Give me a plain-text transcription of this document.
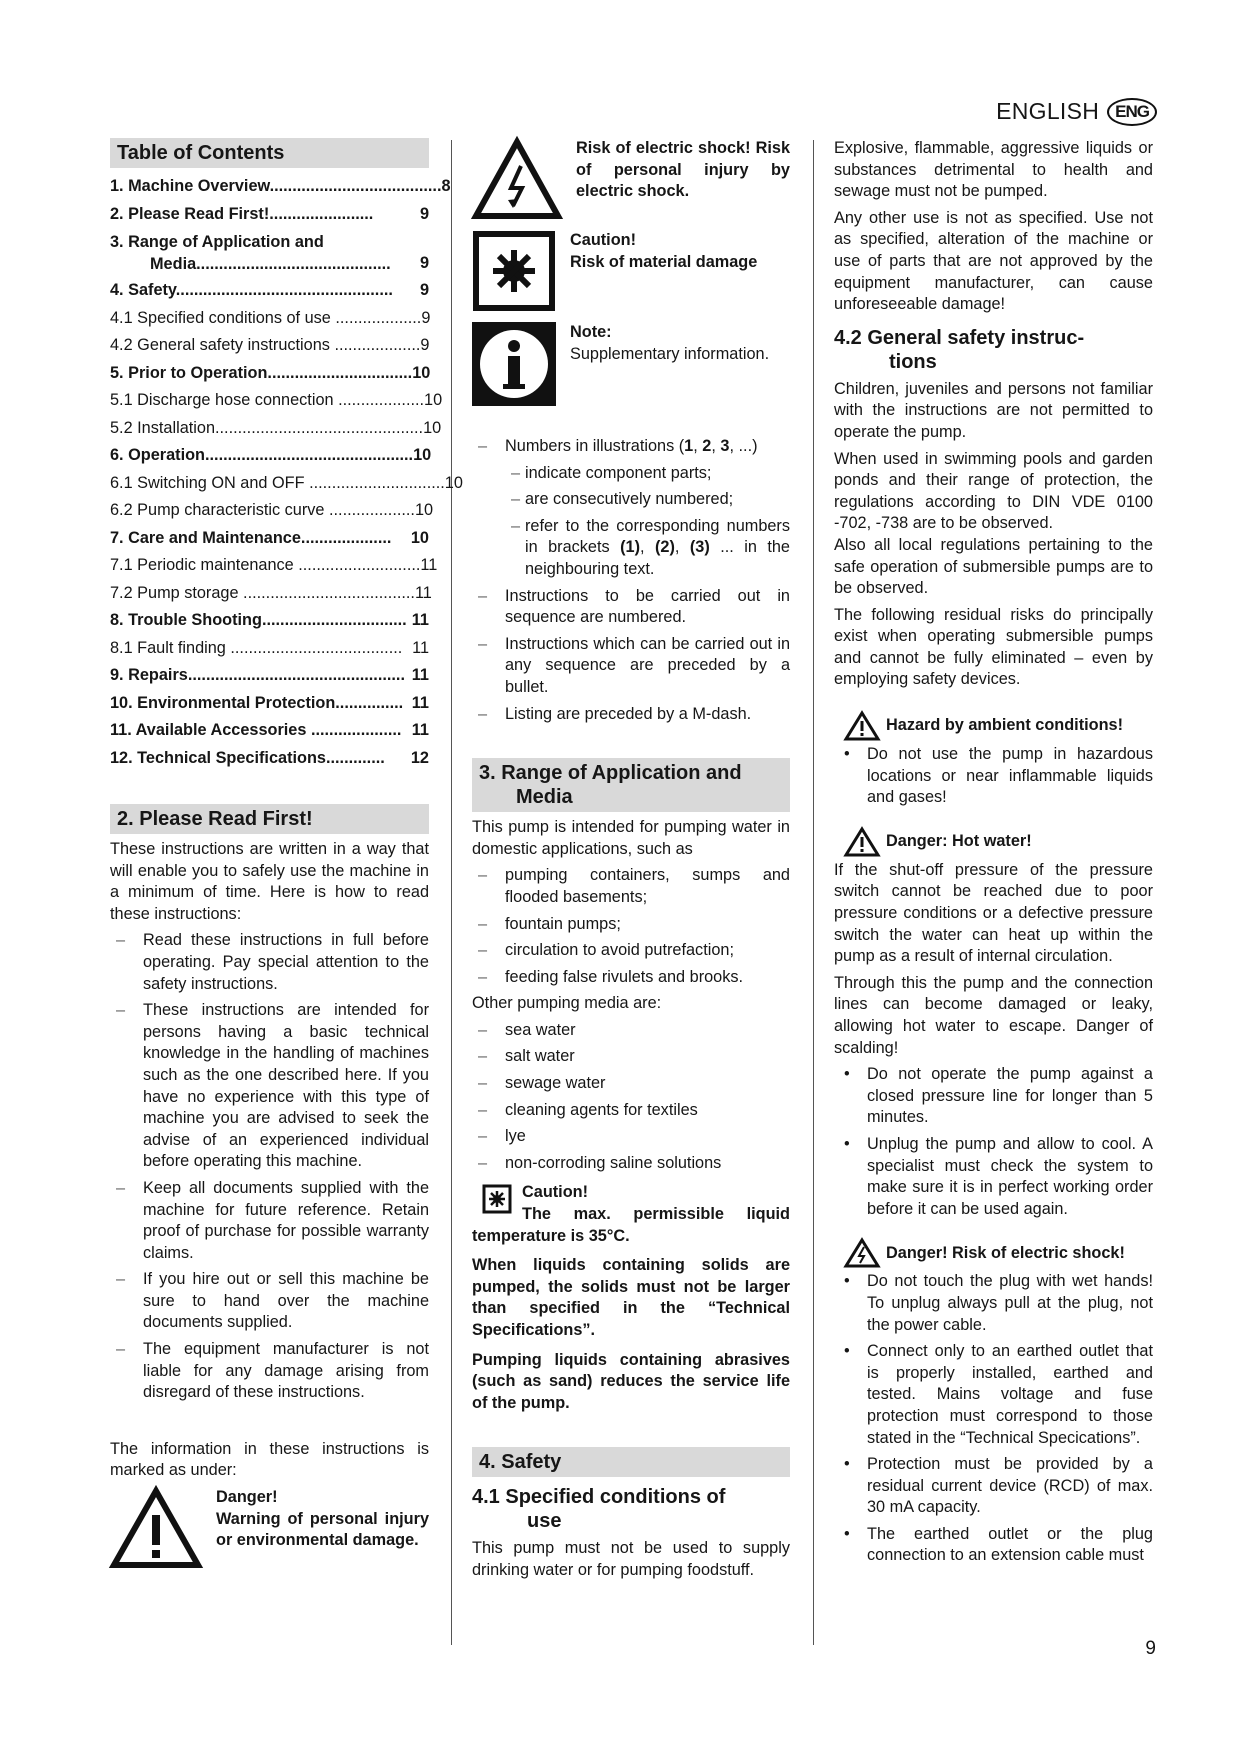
ENGLISH ENG
Table of Contents
1. Machine Overview...................................... 8
2. Please Read First!.......................	9
3. Range of Application and
Media...........................................	9
4. Safety................................................	9
4.1 Specified conditions of use ................... 9
4.2 General safety instructions ................... 9
5. Prior to Operation................................ 10
5.1 Discharge hose connection ................... 10
5.2 Installation.............................................. 10
6. Operation.............................................. 10
6.1 Switching ON and OFF .............................. 10
6.2 Pump characteristic curve ................... 10
7. Care and Maintenance....................	10
7.1 Periodic maintenance ........................... 11
7.2 Pump storage ...................................... 11
8. Trouble Shooting................................ 11
8.1 Fault finding ...................................... 11
9. Repairs................................................ 11
10. Environmental Protection............... 11
11. Available Accessories .................... 11
12. Technical Specifications.............	12
2. Please Read First!

These instructions are written in a way that will enable you to safely use the machine in a minimum of time. Here is how to read these instructions:

– Read these instructions in full before operating. Pay special attention to the safety instructions.
– These instructions are intended for persons having a basic technical knowledge in the handling of machines such as the one described here. If you have no experience with this type of machine you are advised to seek the advise of an experienced individual before operating this machine.
– Keep all documents supplied with the machine for future reference. Retain proof of purchase for possible warranty claims.
– If you hire out or sell this machine be sure to hand over the machine documents supplied.
– The equipment manufacturer is not liable for any damage arising from disregard of these instructions.

The information in these instructions is marked as under:

Danger!
Warning of personal injury or environmental damage.
Risk of electric shock! Risk of personal injury by electric shock.
Caution!
Risk of material damage
Note:
Supplementary information.
– Numbers in illustrations (1, 2, 3, ...)
– indicate component parts;
– are consecutively numbered;
– refer to the corresponding numbers in brackets (1), (2), (3) ... in the neighbouring text.
– Instructions to be carried out in sequence are numbered.
– Instructions which can be carried out in any sequence are preceded by a bullet.
– Listing are preceded by a M-dash.
3. Range of Application and
Media

This pump is intended for pumping water in domestic applications, such as

– pumping containers, sumps and flooded basements;
– fountain pumps;
– circulation to avoid putrefaction;
– feeding false rivulets and brooks.

Other pumping media are:

– sea water
– salt water
– sewage water
– cleaning agents for textiles
– lye
– non-corroding saline solutions
Caution!

The max. permissible liquid temperature is 35°C.

When liquids containing solids are pumped, the solids must not be larger than specified in the “Technical Specifications”.

Pumping liquids containing abrasives (such as sand) reduces the service life of the pump.

4. Safety
4.1 Specified conditions of
use

This pump must not be used to supply drinking water or for pumping foodstuff.

Explosive, flammable, aggressive liquids or substances detrimental to health and sewage must not be pumped.

Any other use is not as specified. Use not as specified, alteration of the machine or use of parts that are not approved by the equipment manufacturer, can cause unforeseeable damage!

4.2 General safety instruc-
tions

Children, juveniles and persons not familiar with the instructions are not permitted to operate the pump.

When used in swimming pools and garden ponds and their range of protection, the regulations according to DIN VDE 0100 -702, -738 are to be observed.

Also all local regulations pertaining to the safe operation of submersible pumps are to be observed.

The following residual risks do principally exist when operating submersible pumps and cannot be fully eliminated – even by employing safety devices.

Hazard by ambient conditions!
• Do not use the pump in hazardous locations or near inflammable liquids and gases!
Danger: Hot water!

If the shut-off pressure of the pressure switch cannot be reached due to poor pressure conditions or a defective pressure switch the water can heat up within the pump as a result of internal circulation.

Through this the pump and the connection lines can become damaged or leaky, allowing hot water to escape. Danger of scalding!

• Do not operate the pump against a closed pressure line for longer than 5 minutes.
• Unplug the pump and allow to cool. A specialist must check the system to make sure it is in perfect working order before it can be used again.
Danger! Risk of electric shock!
• Do not touch the plug with wet hands! To unplug always pull at the plug, not the power cable.
• Connect only to an earthed outlet that is properly installed, earthed and tested. Mains voltage and fuse protection must correspond to those stated in the “Technical Specications”.
• Protection must be provided by a residual current device (RCD) of max. 30 mA capacity.
• The earthed outlet or the plug connection to an extension cable must
9
